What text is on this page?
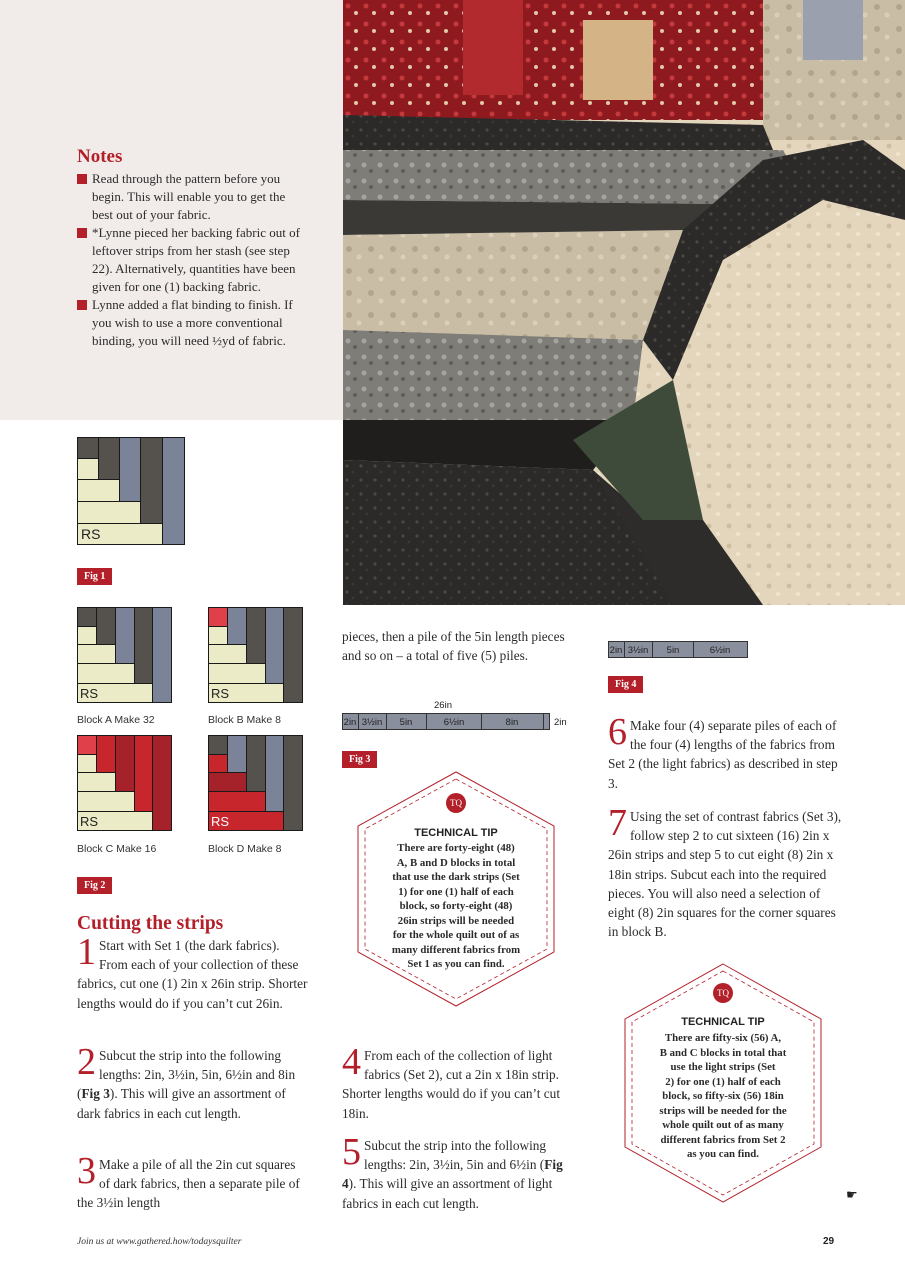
Notes
Read through the pattern before you begin. This will enable you to get the best out of your fabric.
*Lynne pieced her backing fabric out of leftover strips from her stash (see step 22). Alternatively, quantities have been given for one (1) backing fabric.
Lynne added a flat binding to finish. If you wish to use a more conventional binding, you will need ½yd of fabric.
RS
Fig 1
RS
Block A Make 32
RS
Block B Make 8
RS
Block C Make 16
RS
Block D Make 8
Fig 2
Cutting the strips
1 Start with Set 1 (the dark fabrics). From each of your collection of these fabrics, cut one (1) 2in x 26in strip. Shorter lengths would do if you can’t cut 26in.
2 Subcut the strip into the following lengths: 2in, 3½in, 5in, 6½in and 8in (Fig 3). This will give an assortment of dark fabrics in each cut length.
3 Make a pile of all the 2in cut squares of dark fabrics, then a separate pile of the 3½in length
pieces, then a pile of the 5in length pieces and so on – a total of five (5) piles.
26in
2in 3½in 5in	6½in	8in	2in
Fig 3
TQ
TECHNICAL TIP
There are forty-eight (48)
A, B and D blocks in total
that use the dark strips (Set
1) for one (1) half of each
block, so forty-eight (48)
26in strips will be needed
for the whole quilt out of as
many different fabrics from
Set 1 as you can find.
4 From each of the collection of light fabrics (Set 2), cut a 2in x 18in strip. Shorter lengths would do if you can’t cut 18in.
5 Subcut the strip into the following lengths: 2in, 3½in, 5in and 6½in (Fig 4). This will give an assortment of light fabrics in each cut length.
2in 3½in 5in	6½in
Fig 4
6 Make four (4) separate piles of each of the four (4) lengths of the fabrics from Set 2 (the light fabrics) as described in step 3.
7 Using the set of contrast fabrics (Set 3), follow step 2 to cut sixteen (16) 2in x 26in strips and step 5 to cut eight (8) 2in x 18in strips. Subcut each into the required pieces. You will also need a selection of eight (8) 2in squares for the corner squares in block B.
TQ
TECHNICAL TIP
There are fifty-six (56) A,
B and C blocks in total that
use the light strips (Set
2) for one (1) half of each
block, so fifty-six (56) 18in
strips will be needed for the
whole quilt out of as many
different fabrics from Set 2
as you can find.
☛
Join us at www.gathered.how/todaysquilter	29
